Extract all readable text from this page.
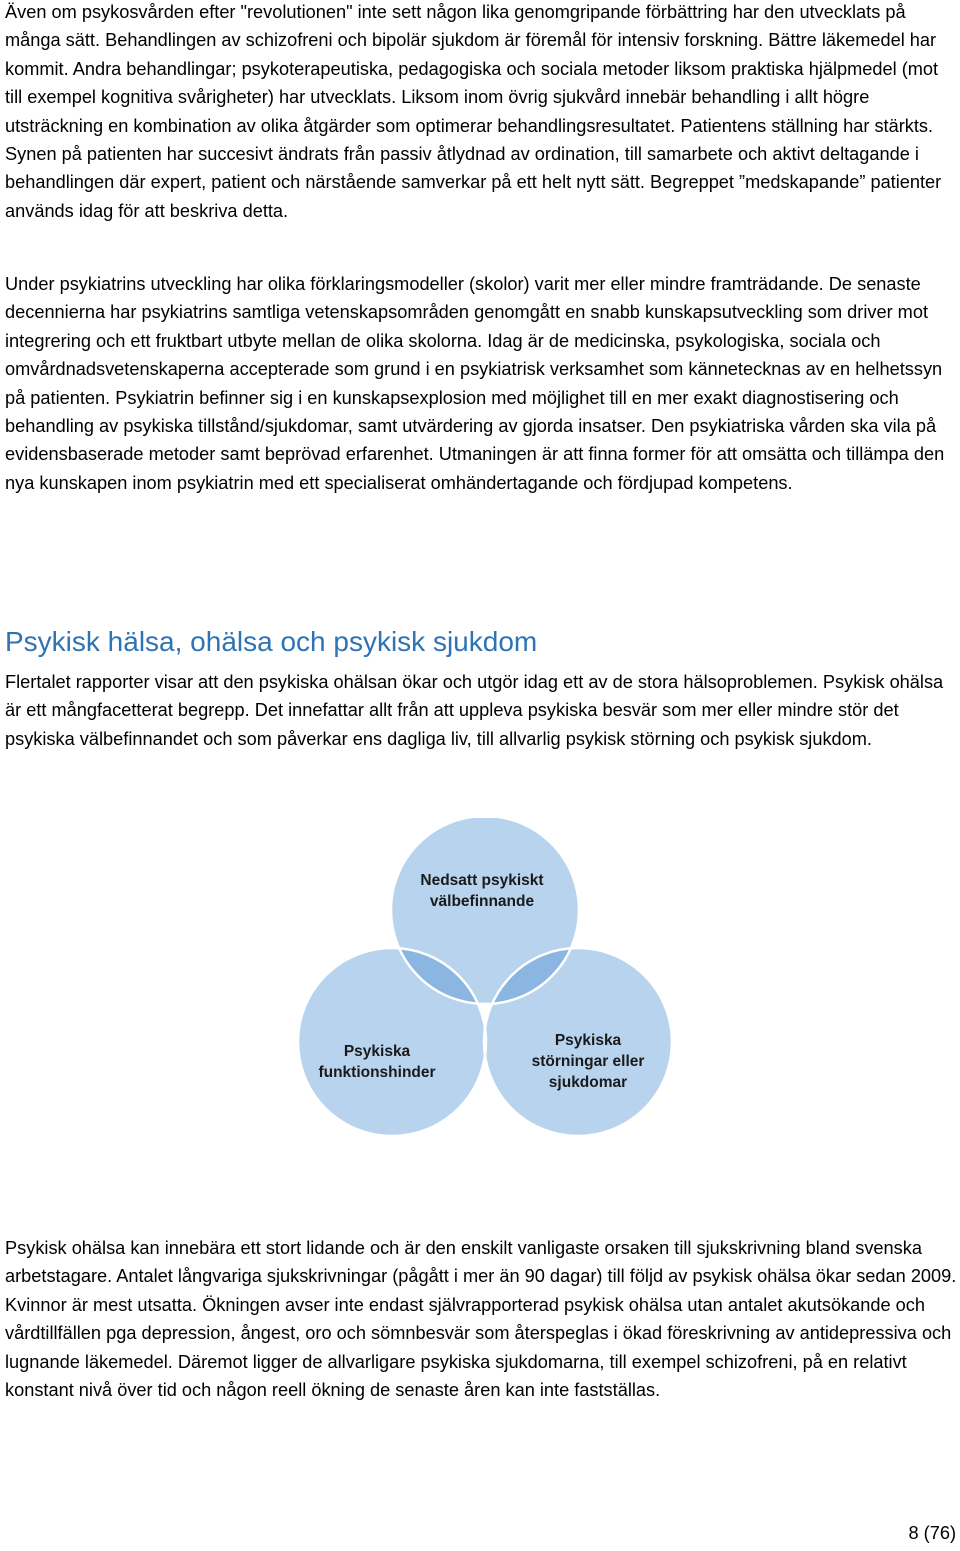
Även om psykosvården efter "revolutionen" inte sett någon lika genomgripande förbättring har den utvecklats på många sätt. Behandlingen av schizofreni och bipolär sjukdom är föremål för intensiv forskning. Bättre läkemedel har kommit. Andra behandlingar; psykoterapeutiska, pedagogiska och sociala metoder liksom praktiska hjälpmedel (mot till exempel kognitiva svårigheter) har utvecklats. Liksom inom övrig sjukvård innebär behandling i allt högre utsträckning en kombination av olika åtgärder som optimerar behandlingsresultatet. Patientens ställning har stärkts. Synen på patienten har succesivt ändrats från passiv åtlydnad av ordination, till samarbete och aktivt deltagande i behandlingen där expert, patient och närstående samverkar på ett helt nytt sätt. Begreppet ”medskapande” patienter används idag för att beskriva detta.

Under psykiatrins utveckling har olika förklaringsmodeller (skolor) varit mer eller mindre framträdande. De senaste decennierna har psykiatrins samtliga vetenskapsområden genomgått en snabb kunskapsutveckling som driver mot integrering och ett fruktbart utbyte mellan de olika skolorna. Idag är de medicinska, psykologiska, sociala och omvårdnadsvetenskaperna accepterade som grund i en psykiatrisk verksamhet som kännetecknas av en helhetssyn på patienten. Psykiatrin befinner sig i en kunskapsexplosion med möjlighet till en mer exakt diagnostisering och behandling av psykiska tillstånd/sjukdomar, samt utvärdering av gjorda insatser. Den psykiatriska vården ska vila på evidensbaserade metoder samt beprövad erfarenhet. Utmaningen är att finna former för att omsätta och tillämpa den nya kunskapen inom psykiatrin med ett specialiserat omhändertagande och fördjupad kompetens.

Psykisk hälsa, ohälsa och psykisk sjukdom

Flertalet rapporter visar att den psykiska ohälsan ökar och utgör idag ett av de stora hälsoproblemen. Psykisk ohälsa är ett mångfacetterat begrepp. Det innefattar allt från att uppleva psykiska besvär som mer eller mindre stör det psykiska välbefinnandet och som påverkar ens dagliga liv, till allvarlig psykisk störning och psykisk sjukdom.

Nedsatt psykiskt
välbefinnande
Psykiska
funktionshinder
Psykiska
störningar eller
sjukdomar

Psykisk ohälsa kan innebära ett stort lidande och är den enskilt vanligaste orsaken till sjukskrivning bland svenska arbetstagare. Antalet långvariga sjukskrivningar (pågått i mer än 90 dagar) till följd av psykisk ohälsa ökar sedan 2009. Kvinnor är mest utsatta. Ökningen avser inte endast självrapporterad psykisk ohälsa utan antalet akutsökande och vårdtillfällen pga depression, ångest, oro och sömnbesvär som återspeglas i ökad föreskrivning av antidepressiva och lugnande läkemedel. Däremot ligger de allvarligare psykiska sjukdomarna, till exempel schizofreni, på en relativt konstant nivå över tid och någon reell ökning de senaste åren kan inte fastställas.

8 (76)
